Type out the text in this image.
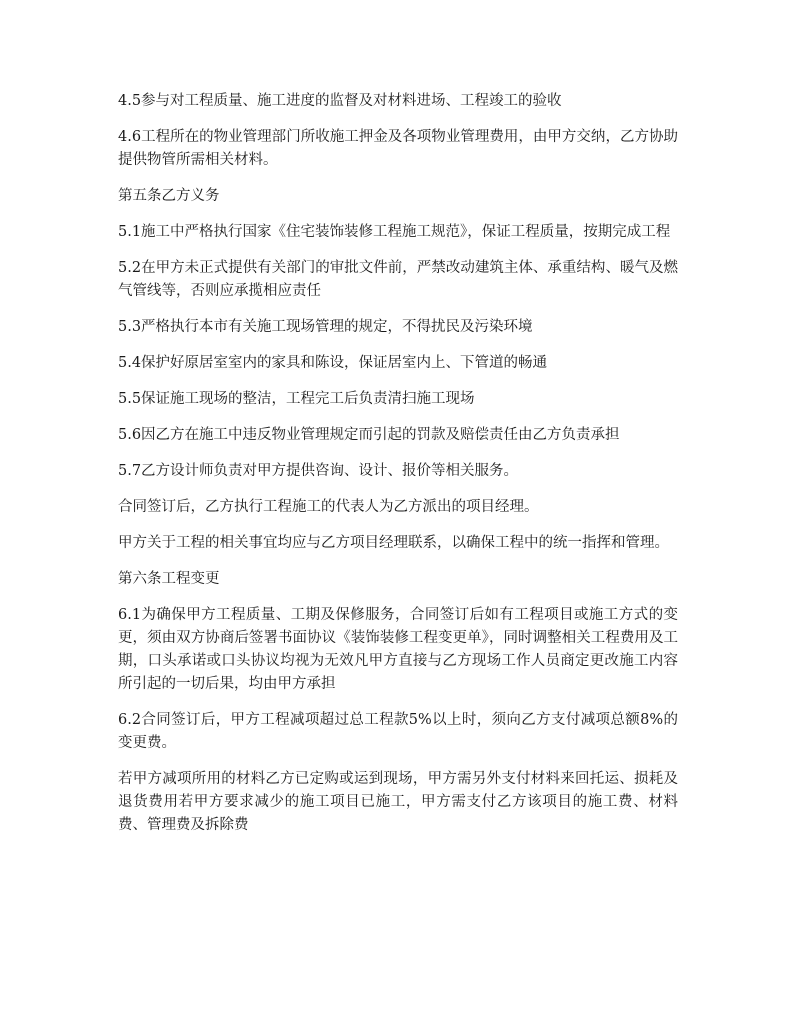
4.5参与对工程质量、施工进度的监督及对材料进场、工程竣工的验收

4.6工程所在的物业管理部门所收施工押金及各项物业管理费用，由甲方交纳，乙方协助提供物管所需相关材料。

第五条乙方义务

5.1施工中严格执行国家《住宅装饰装修工程施工规范》，保证工程质量，按期完成工程

5.2在甲方未正式提供有关部门的审批文件前，严禁改动建筑主体、承重结构、暖气及燃气管线等，否则应承揽相应责任

5.3严格执行本市有关施工现场管理的规定，不得扰民及污染环境

5.4保护好原居室室内的家具和陈设，保证居室内上、下管道的畅通

5.5保证施工现场的整洁，工程完工后负责清扫施工现场

5.6因乙方在施工中违反物业管理规定而引起的罚款及赔偿责任由乙方负责承担

5.7乙方设计师负责对甲方提供咨询、设计、报价等相关服务。

合同签订后，乙方执行工程施工的代表人为乙方派出的项目经理。

甲方关于工程的相关事宜均应与乙方项目经理联系，以确保工程中的统一指挥和管理。

第六条工程变更

6.1为确保甲方工程质量、工期及保修服务，合同签订后如有工程项目或施工方式的变更，须由双方协商后签署书面协议《装饰装修工程变更单》，同时调整相关工程费用及工期，口头承诺或口头协议均视为无效凡甲方直接与乙方现场工作人员商定更改施工内容所引起的一切后果，均由甲方承担

6.2合同签订后，甲方工程减项超过总工程款5%以上时，须向乙方支付减项总额8%的变更费。

若甲方减项所用的材料乙方已定购或运到现场，甲方需另外支付材料来回托运、损耗及退货费用若甲方要求减少的施工项目已施工，甲方需支付乙方该项目的施工费、材料费、管理费及拆除费
